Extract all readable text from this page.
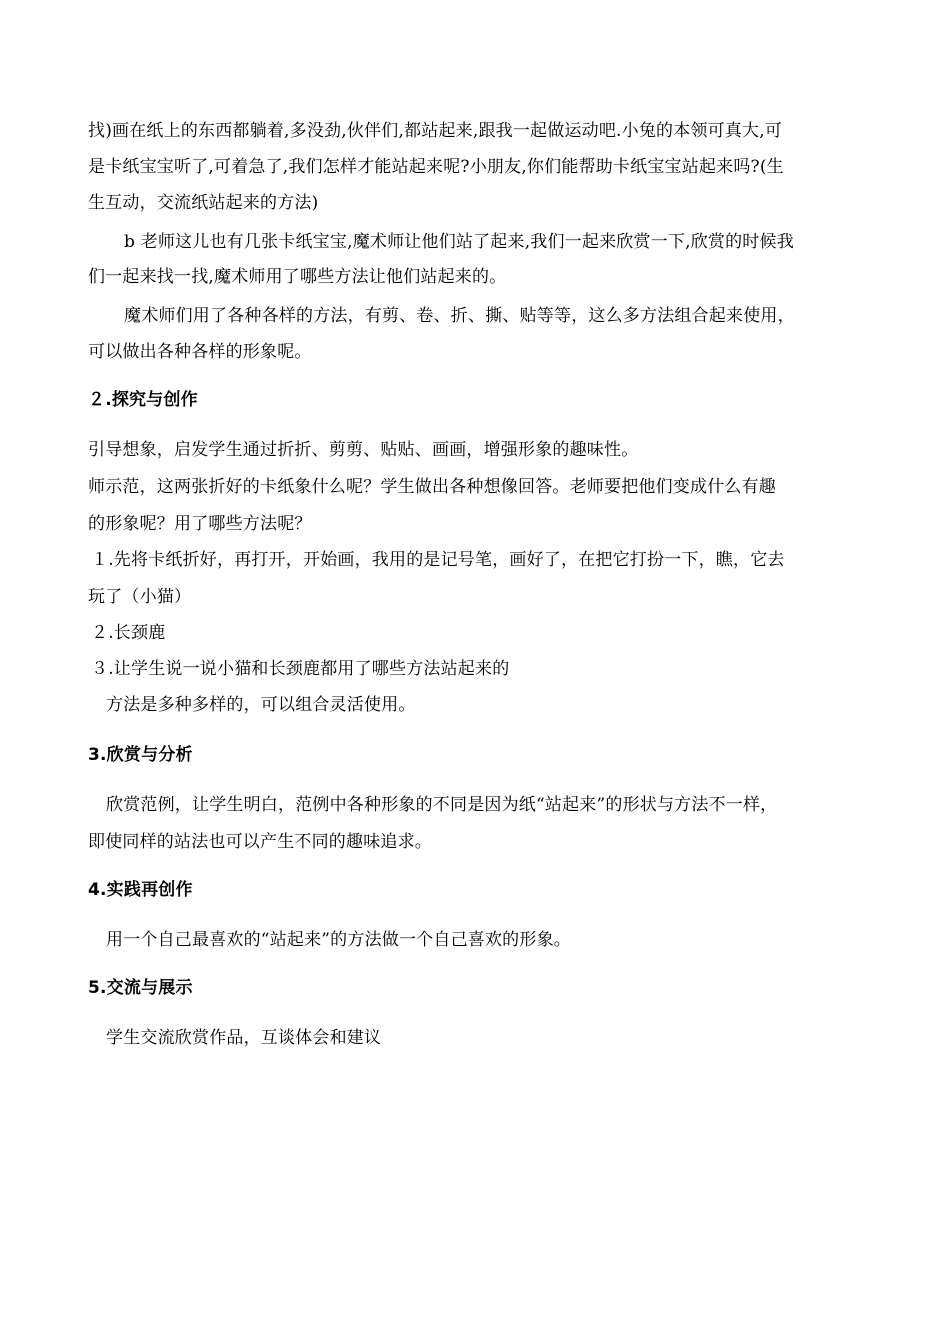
找)画在纸上的东西都躺着,多没劲,伙伴们,都站起来,跟我一起做运动吧.小兔的本领可真大,可
是卡纸宝宝听了,可着急了,我们怎样才能站起来呢?小朋友,你们能帮助卡纸宝宝站起来吗?(生
生互动，交流纸站起来的方法)
b 老师这儿也有几张卡纸宝宝,魔术师让他们站了起来,我们一起来欣赏一下,欣赏的时候我
们一起来找一找,魔术师用了哪些方法让他们站起来的。
魔术师们用了各种各样的方法，有剪、卷、折、撕、贴等等，这么多方法组合起来使用，
可以做出各种各样的形象呢。
２.探究与创作
引导想象，启发学生通过折折、剪剪、贴贴、画画，增强形象的趣味性。
师示范，这两张折好的卡纸象什么呢？学生做出各种想像回答。老师要把他们变成什么有趣
的形象呢？用了哪些方法呢？
１.先将卡纸折好，再打开，开始画，我用的是记号笔，画好了，在把它打扮一下，瞧，它去
玩了（小猫）
２.长颈鹿
３.让学生说一说小猫和长颈鹿都用了哪些方法站起来的
方法是多种多样的，可以组合灵活使用。
3.欣赏与分析
欣赏范例，让学生明白，范例中各种形象的不同是因为纸“站起来”的形状与方法不一样，
即使同样的站法也可以产生不同的趣味追求。
4.实践再创作
用一个自己最喜欢的“站起来”的方法做一个自己喜欢的形象。
5.交流与展示
学生交流欣赏作品，互谈体会和建议
